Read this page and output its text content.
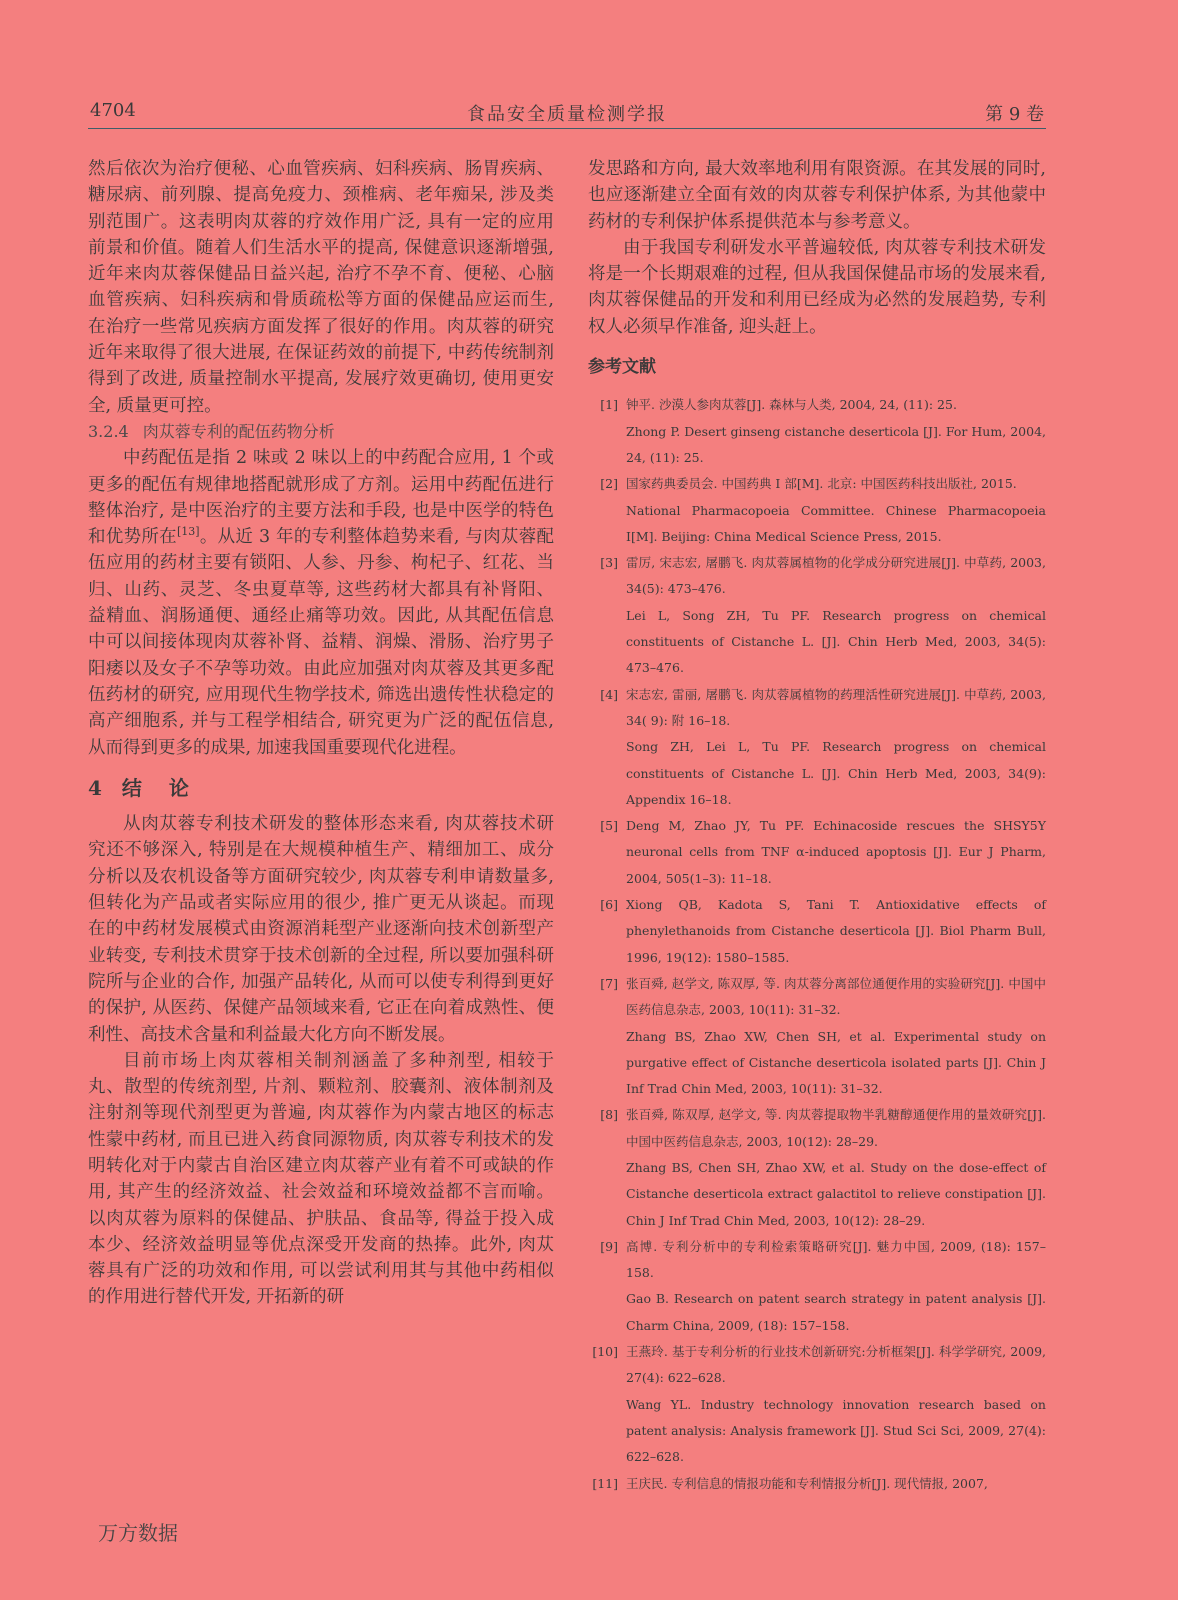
4704	食品安全质量检测学报	第 9 卷

然后依次为治疗便秘、心血管疾病、妇科疾病、肠胃疾病、糖尿病、前列腺、提高免疫力、颈椎病、老年痴呆, 涉及类别范围广。这表明肉苁蓉的疗效作用广泛, 具有一定的应用前景和价值。随着人们生活水平的提高, 保健意识逐渐增强, 近年来肉苁蓉保健品日益兴起, 治疗不孕不育、便秘、心脑血管疾病、妇科疾病和骨质疏松等方面的保健品应运而生, 在治疗一些常见疾病方面发挥了很好的作用。肉苁蓉的研究近年来取得了很大进展, 在保证药效的前提下, 中药传统制剂得到了改进, 质量控制水平提高, 发展疗效更确切, 使用更安全, 质量更可控。

3.2.4 肉苁蓉专利的配伍药物分析

中药配伍是指 2 味或 2 味以上的中药配合应用, 1 个或更多的配伍有规律地搭配就形成了方剂。运用中药配伍进行整体治疗, 是中医治疗的主要方法和手段, 也是中医学的特色和优势所在[13]。从近 3 年的专利整体趋势来看, 与肉苁蓉配伍应用的药材主要有锁阳、人参、丹参、枸杞子、红花、当归、山药、灵芝、冬虫夏草等, 这些药材大都具有补肾阳、益精血、润肠通便、通经止痛等功效。因此, 从其配伍信息中可以间接体现肉苁蓉补肾、益精、润燥、滑肠、治疗男子阳痿以及女子不孕等功效。由此应加强对肉苁蓉及其更多配伍药材的研究, 应用现代生物学技术, 筛选出遗传性状稳定的高产细胞系, 并与工程学相结合, 研究更为广泛的配伍信息, 从而得到更多的成果, 加速我国重要现代化进程。

4 结 论

从肉苁蓉专利技术研发的整体形态来看, 肉苁蓉技术研究还不够深入, 特别是在大规模种植生产、精细加工、成分分析以及农机设备等方面研究较少, 肉苁蓉专利申请数量多, 但转化为产品或者实际应用的很少, 推广更无从谈起。而现在的中药材发展模式由资源消耗型产业逐渐向技术创新型产业转变, 专利技术贯穿于技术创新的全过程, 所以要加强科研院所与企业的合作, 加强产品转化, 从而可以使专利得到更好的保护, 从医药、保健产品领域来看, 它正在向着成熟性、便利性、高技术含量和利益最大化方向不断发展。

目前市场上肉苁蓉相关制剂涵盖了多种剂型, 相较于丸、散型的传统剂型, 片剂、颗粒剂、胶囊剂、液体制剂及注射剂等现代剂型更为普遍, 肉苁蓉作为内蒙古地区的标志性蒙中药材, 而且已进入药食同源物质, 肉苁蓉专利技术的发明转化对于内蒙古自治区建立肉苁蓉产业有着不可或缺的作用, 其产生的经济效益、社会效益和环境效益都不言而喻。以肉苁蓉为原料的保健品、护肤品、食品等, 得益于投入成本少、经济效益明显等优点深受开发商的热捧。此外, 肉苁蓉具有广泛的功效和作用, 可以尝试利用其与其他中药相似的作用进行替代开发, 开拓新的研

发思路和方向, 最大效率地利用有限资源。在其发展的同时, 也应逐渐建立全面有效的肉苁蓉专利保护体系, 为其他蒙中药材的专利保护体系提供范本与参考意义。

由于我国专利研发水平普遍较低, 肉苁蓉专利技术研发将是一个长期艰难的过程, 但从我国保健品市场的发展来看, 肉苁蓉保健品的开发和利用已经成为必然的发展趋势, 专利权人必须早作准备, 迎头赶上。

参考文献
[1] 钟平. 沙漠人参肉苁蓉[J]. 森林与人类, 2004, 24, (11): 25.
Zhong P. Desert ginseng cistanche deserticola [J]. For Hum, 2004, 24, (11): 25.
[2] 国家药典委员会. 中国药典 I 部[M]. 北京: 中国医药科技出版社, 2015.
National Pharmacopoeia Committee. Chinese Pharmacopoeia Ⅰ[M]. Beijing: China Medical Science Press, 2015.
[3] 雷厉, 宋志宏, 屠鹏飞. 肉苁蓉属植物的化学成分研究进展[J]. 中草药, 2003, 34(5): 473–476.
Lei L, Song ZH, Tu PF. Research progress on chemical constituents of Cistanche L. [J]. Chin Herb Med, 2003, 34(5): 473–476.
[4] 宋志宏, 雷丽, 屠鹏飞. 肉苁蓉属植物的药理活性研究进展[J]. 中草药, 2003, 34( 9): 附 16–18.
Song ZH, Lei L, Tu PF. Research progress on chemical constituents of Cistanche L. [J]. Chin Herb Med, 2003, 34(9): Appendix 16–18.
[5] Deng M, Zhao JY, Tu PF. Echinacoside rescues the SHSY5Y neuronal cells from TNF α-induced apoptosis [J]. Eur J Pharm, 2004, 505(1–3): 11–18.
[6] Xiong QB, Kadota S, Tani T. Antioxidative effects of phenylethanoids from Cistanche deserticola [J]. Biol Pharm Bull, 1996, 19(12): 1580–1585.
[7] 张百舜, 赵学文, 陈双厚, 等. 肉苁蓉分离部位通便作用的实验研究[J]. 中国中医药信息杂志, 2003, 10(11): 31–32.
Zhang BS, Zhao XW, Chen SH, et al. Experimental study on purgative effect of Cistanche deserticola isolated parts [J]. Chin J Inf Trad Chin Med, 2003, 10(11): 31–32.
[8] 张百舜, 陈双厚, 赵学文, 等. 肉苁蓉提取物半乳糖醇通便作用的量效研究[J]. 中国中医药信息杂志, 2003, 10(12): 28–29.
Zhang BS, Chen SH, Zhao XW, et al. Study on the dose-effect of Cistanche deserticola extract galactitol to relieve constipation [J]. Chin J Inf Trad Chin Med, 2003, 10(12): 28–29.
[9] 高博. 专利分析中的专利检索策略研究[J]. 魅力中国, 2009, (18): 157–158.
Gao B. Research on patent search strategy in patent analysis [J]. Charm China, 2009, (18): 157–158.
[10] 王燕玲. 基于专利分析的行业技术创新研究:分析框架[J]. 科学学研究, 2009, 27(4): 622–628.
Wang YL. Industry technology innovation research based on patent analysis: Analysis framework [J]. Stud Sci Sci, 2009, 27(4): 622–628.
[11] 王庆民. 专利信息的情报功能和专利情报分析[J]. 现代情报, 2007,
万方数据
